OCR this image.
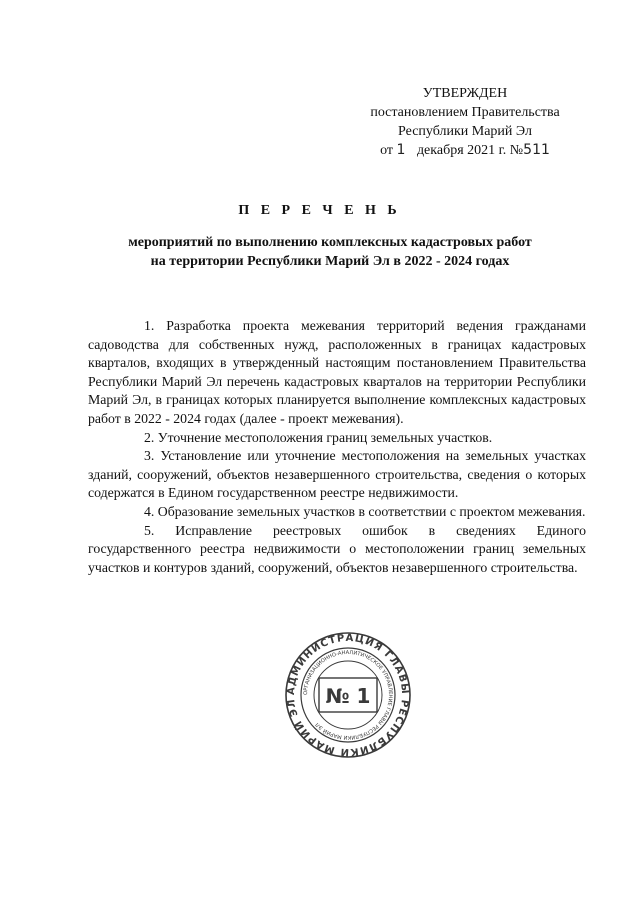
УТВЕРЖДЕН
постановлением Правительства
Республики Марий Эл
от 1 декабря 2021 г. №511
П Е Р Е Ч Е Н Ь
мероприятий по выполнению комплексных кадастровых работ
на территории Республики Марий Эл в 2022 - 2024 годах

1. Разработка проекта межевания территорий ведения гражданами садоводства для собственных нужд, расположенных в границах кадастровых кварталов, входящих в утвержденный настоящим постановлением Правительства Республики Марий Эл перечень кадастровых кварталов на территории Республики Марий Эл, в границах которых планируется выполнение комплексных кадастровых работ в 2022 - 2024 годах (далее - проект межевания).

2. Уточнение местоположения границ земельных участков.

3. Установление или уточнение местоположения на земельных участках зданий, сооружений, объектов незавершенного строительства, сведения о которых содержатся в Едином государственном реестре недвижимости.

4. Образование земельных участков в соответствии с проектом межевания.

5. Исправление реестровых ошибок в сведениях Единого государственного реестра недвижимости о местоположении границ земельных участков и контуров зданий, сооружений, объектов незавершенного строительства.

АДМИНИСТРАЦИЯ ГЛАВЫ РЕСПУБЛИКИ МАРИЙ ЭЛ
ОРГАНИЗАЦИОННО-АНАЛИТИЧЕСКОЕ УПРАВЛЕНИЕ ГЛАВЫ РЕСПУБЛИКИ МАРИЙ ЭЛ
№ 1
